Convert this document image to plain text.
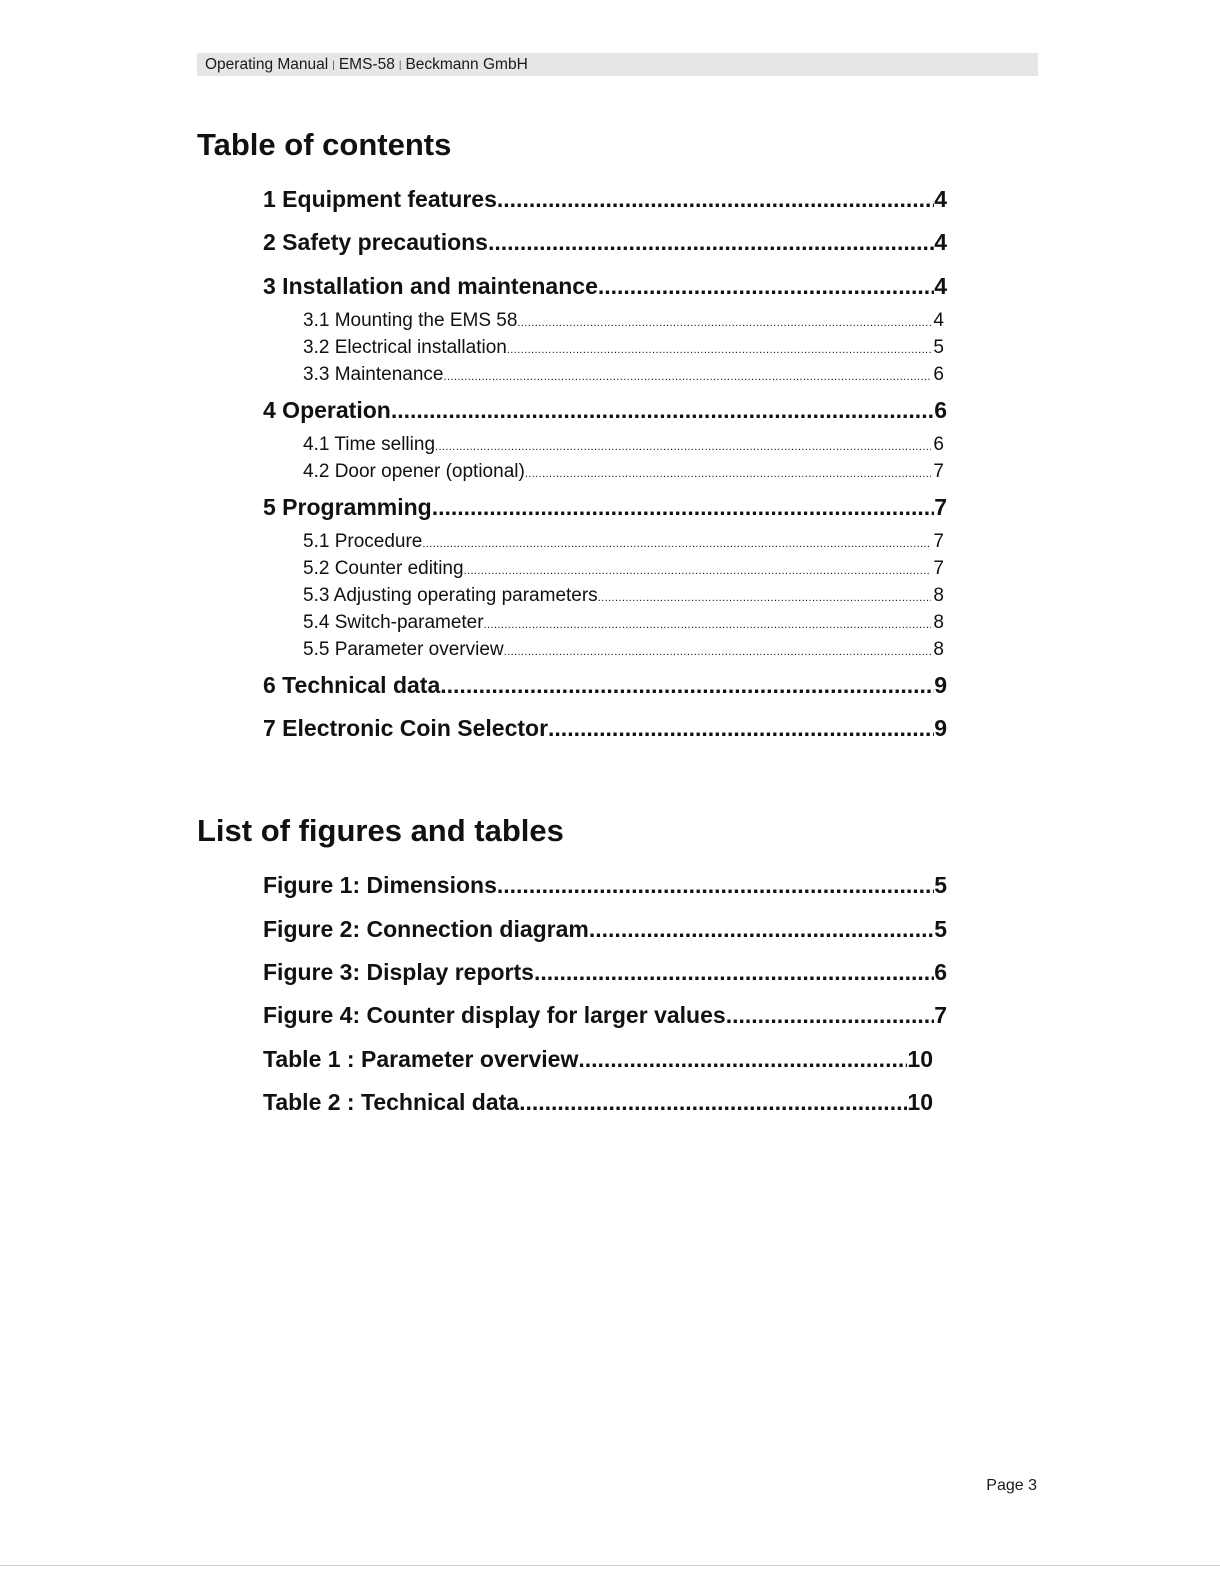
Operating Manual | EMS-58 | Beckmann GmbH
Table of contents
1 Equipment features .....	4
2 Safety precautions .....	4
3 Installation and maintenance .....	4
3.1 Mounting the EMS 58 .....	4
3.2 Electrical installation .....	5
3.3 Maintenance .....	6
4 Operation .....	6
4.1 Time selling .....	6
4.2 Door opener (optional) .....	7
5 Programming .....	7
5.1 Procedure .....	7
5.2 Counter editing .....	7
5.3 Adjusting operating parameters .....	8
5.4 Switch-parameter .....	8
5.5 Parameter overview .....	8
6 Technical data .....	9
7 Electronic Coin Selector .....	9
List of figures and tables
Figure 1: Dimensions .....	5
Figure 2: Connection diagram .....	5
Figure 3: Display reports .....	6
Figure 4: Counter display for larger values .....	7
Table 1 : Parameter overview .....	10
Table 2 : Technical data .....	10
Page 3
